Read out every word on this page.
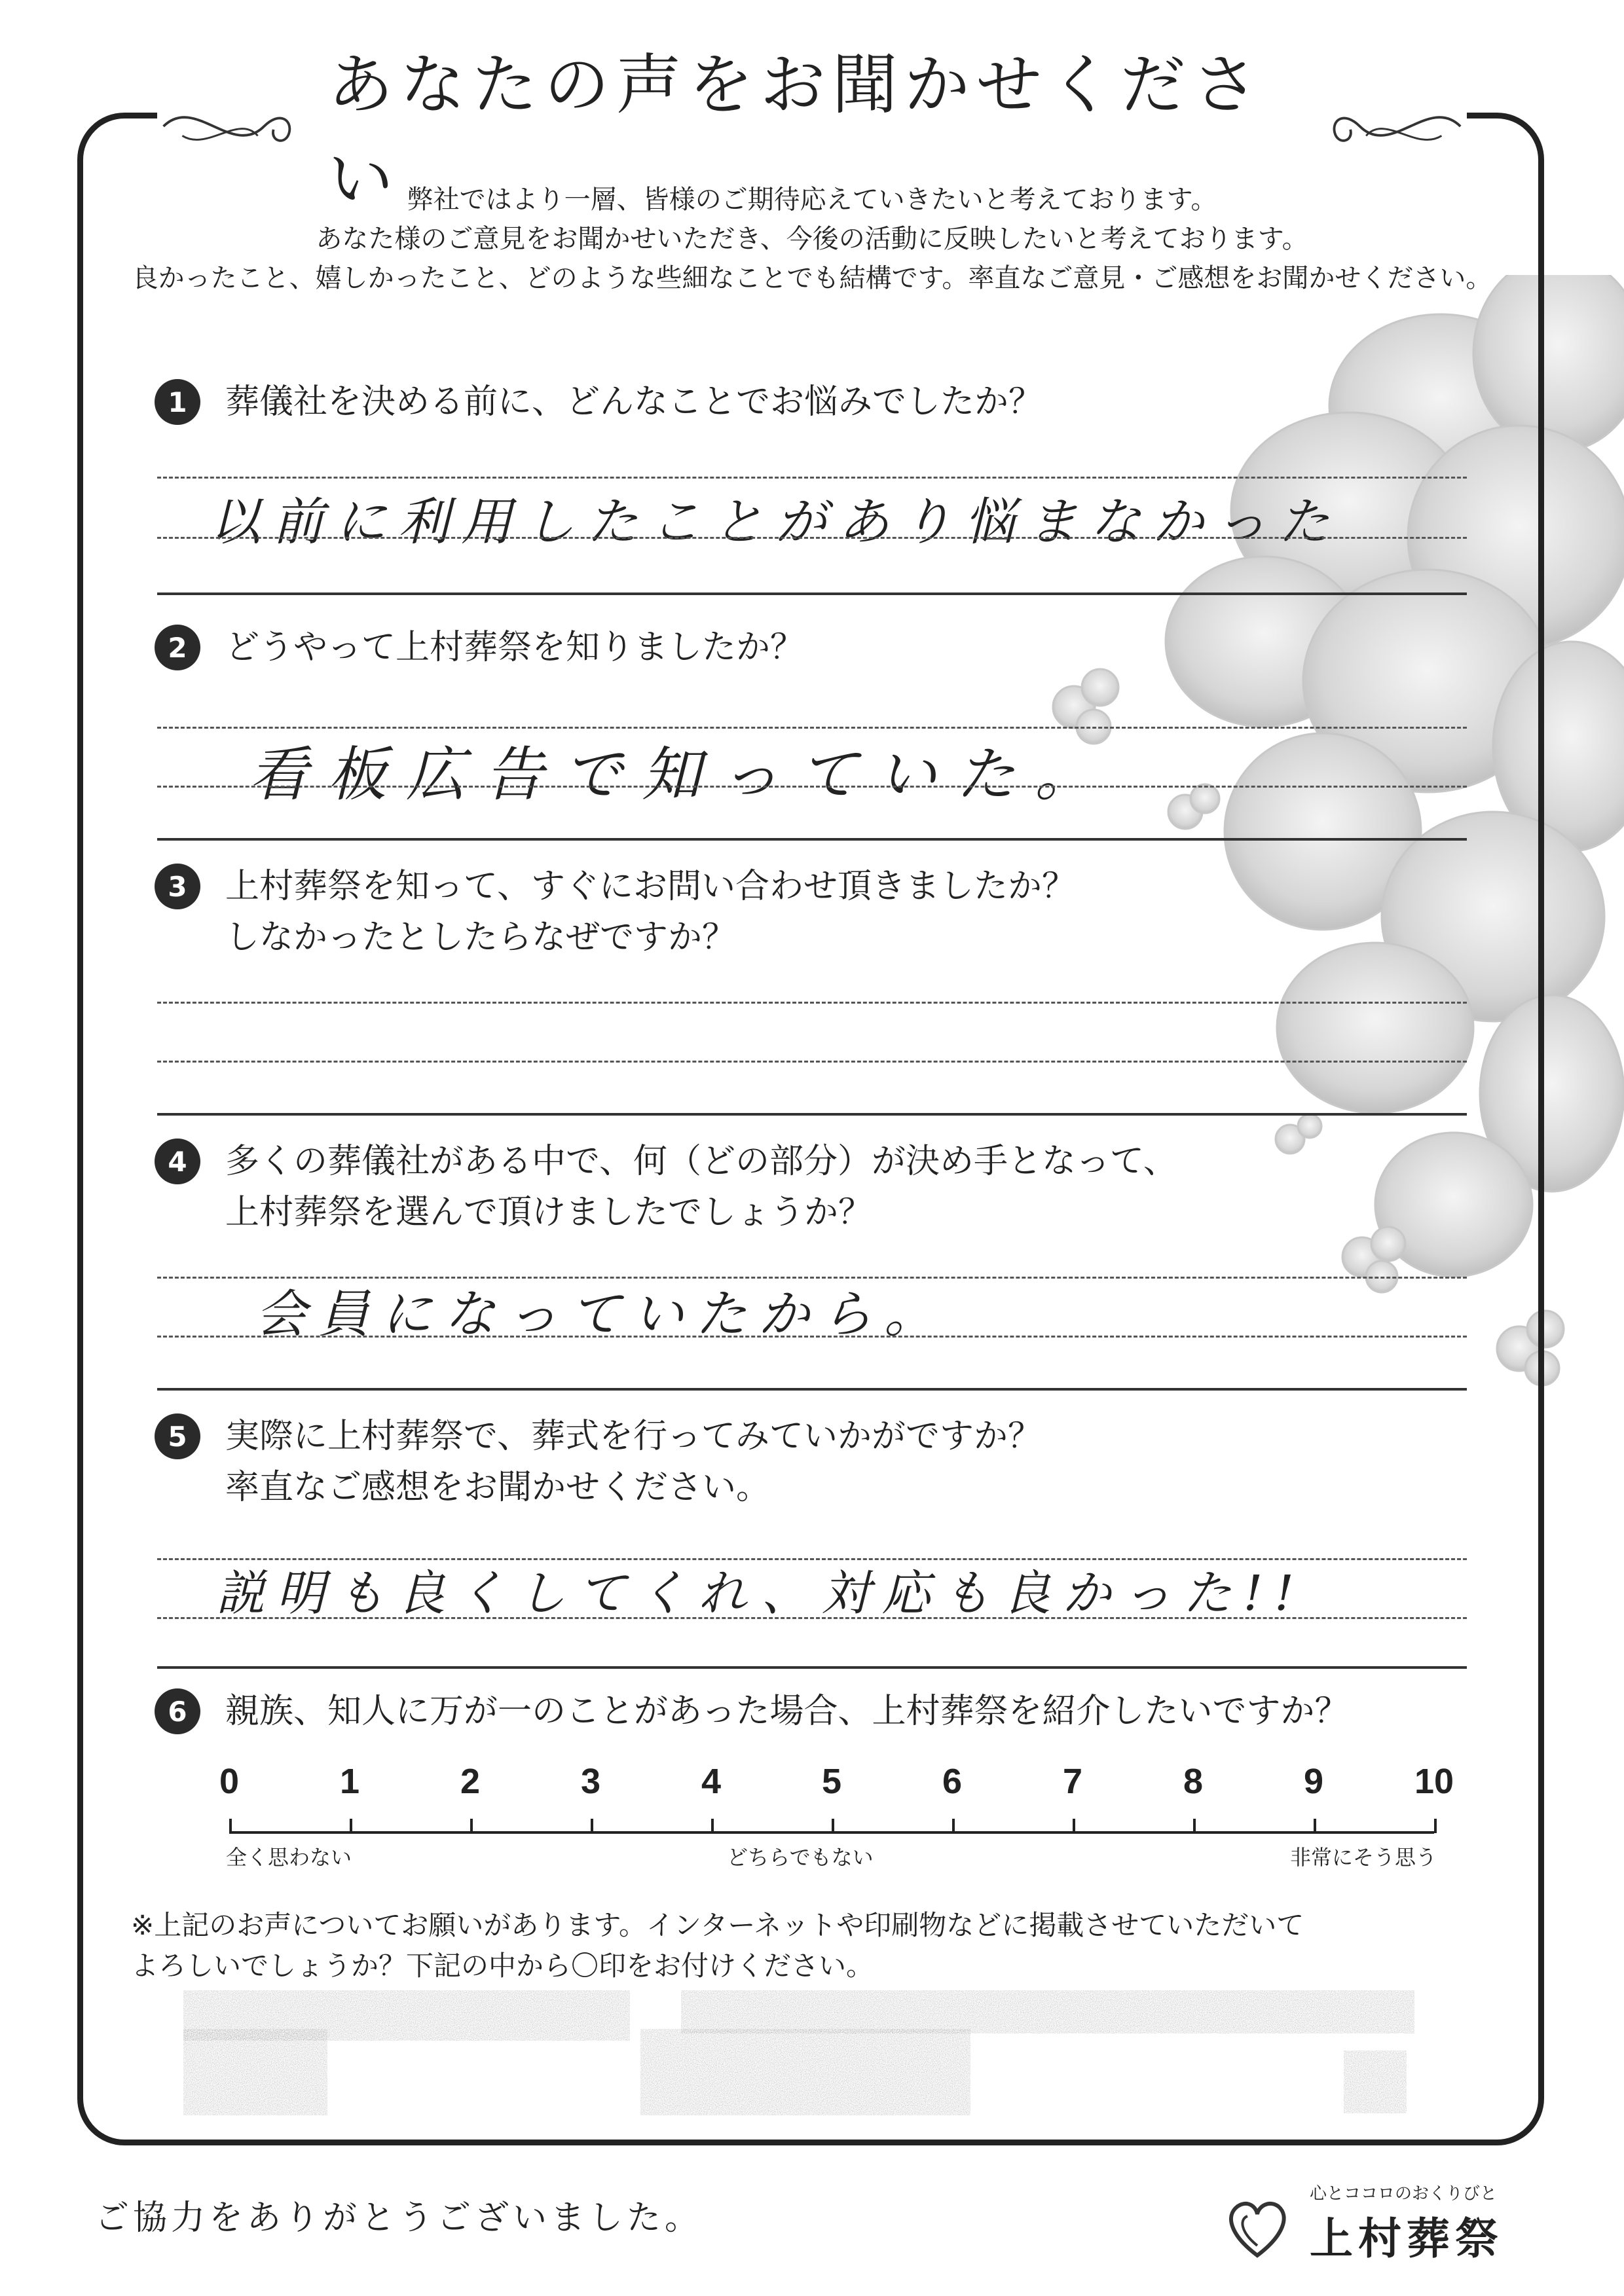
あなたの声をお聞かせください 弊社ではより一層、皆様のご期待応えていきたいと考えております。
あなた様のご意見をお聞かせいただき、今後の活動に反映したいと考えております。
良かったこと、嬉しかったこと、どのような些細なことでも結構です。率直なご意見・ご感想をお聞かせください。
1	葬儀社を決める前に、どんなことでお悩みでしたか？
以前に利用したことがあり悩まなかった
2	どうやって上村葬祭を知りましたか？
看板広告で知っていた。
3	上村葬祭を知って、すぐにお問い合わせ頂きましたか？
しなかったとしたらなぜですか？
4	多くの葬儀社がある中で、何（どの部分）が決め手となって、
上村葬祭を選んで頂けましたでしょうか？
会員になっていたから。
5	実際に上村葬祭で、葬式を行ってみていかがですか？
率直なご感想をお聞かせください。
説明も良くしてくれ、対応も良かった!!
6	親族、知人に万が一のことがあった場合、上村葬祭を紹介したいですか？
0	1	2	3	4	5	6	7	8	9	10
全く思わない	どちらでもない	非常にそう思う
※上記のお声についてお願いがあります。インターネットや印刷物などに掲載させていただいて
よろしいでしょうか？下記の中から〇印をお付けください。
ご協力をありがとうございました。
心とココロのおくりびと
上村葬祭
